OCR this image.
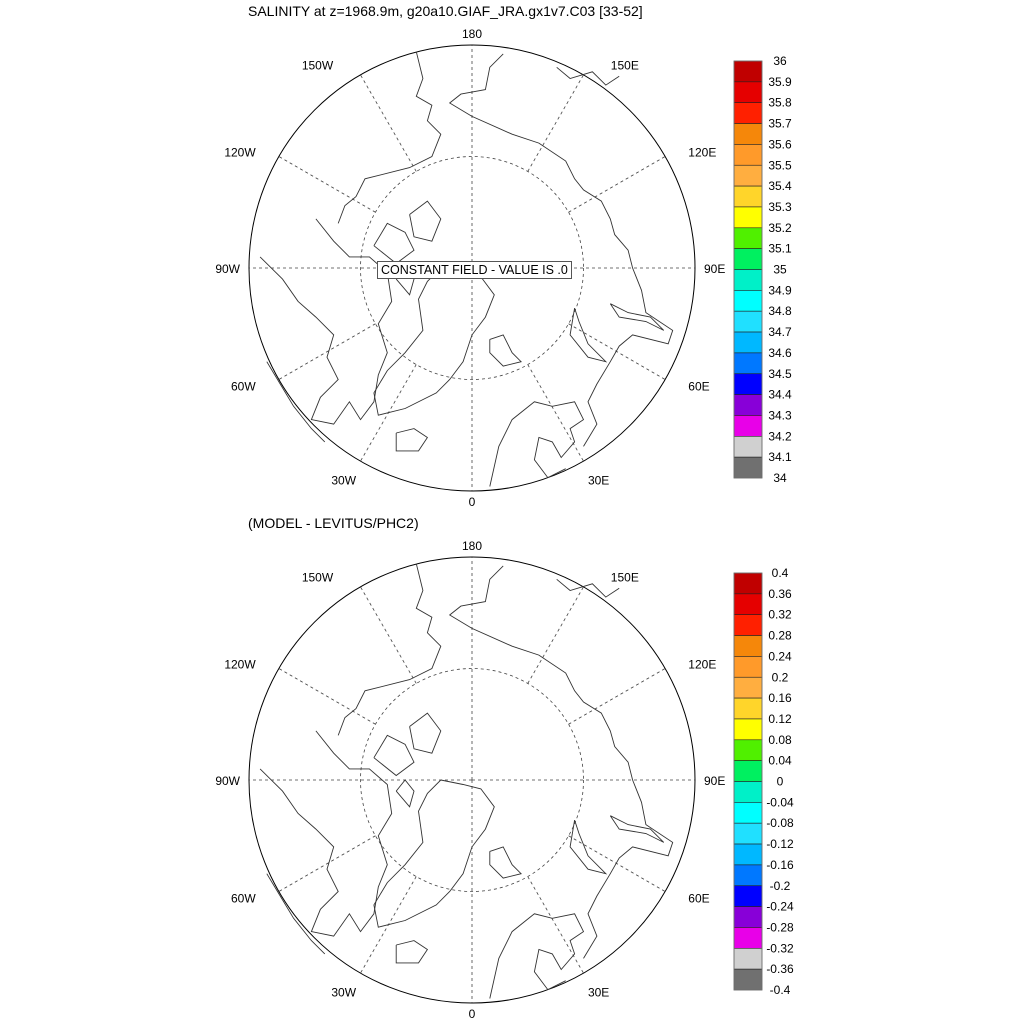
SALINITY at z=1968.9m, g20a10.GIAF_JRA.gx1v7.C03 [33-52]
(MODEL - LEVITUS/PHC2)
180
0
90W	90E
150W
120W
150E
120E
60W
30W
60E
30E
180
0
90W	90E
150W
120W
150E
120E
60W
30W
60E
30E
36
35.9
35.8
35.7
35.6
35.5
35.4
35.3
35.2
35.1
35
34.9
34.8
34.7
34.6
34.5
34.4
34.3
34.2
34.1
34
0.4
0.36
0.32
0.28
0.24
0.2
0.16
0.12
0.08
0.04
0
-0.04
-0.08
-0.12
-0.16
-0.2
-0.24
-0.28
-0.32
-0.36
-0.4
CONSTANT FIELD - VALUE IS .0
